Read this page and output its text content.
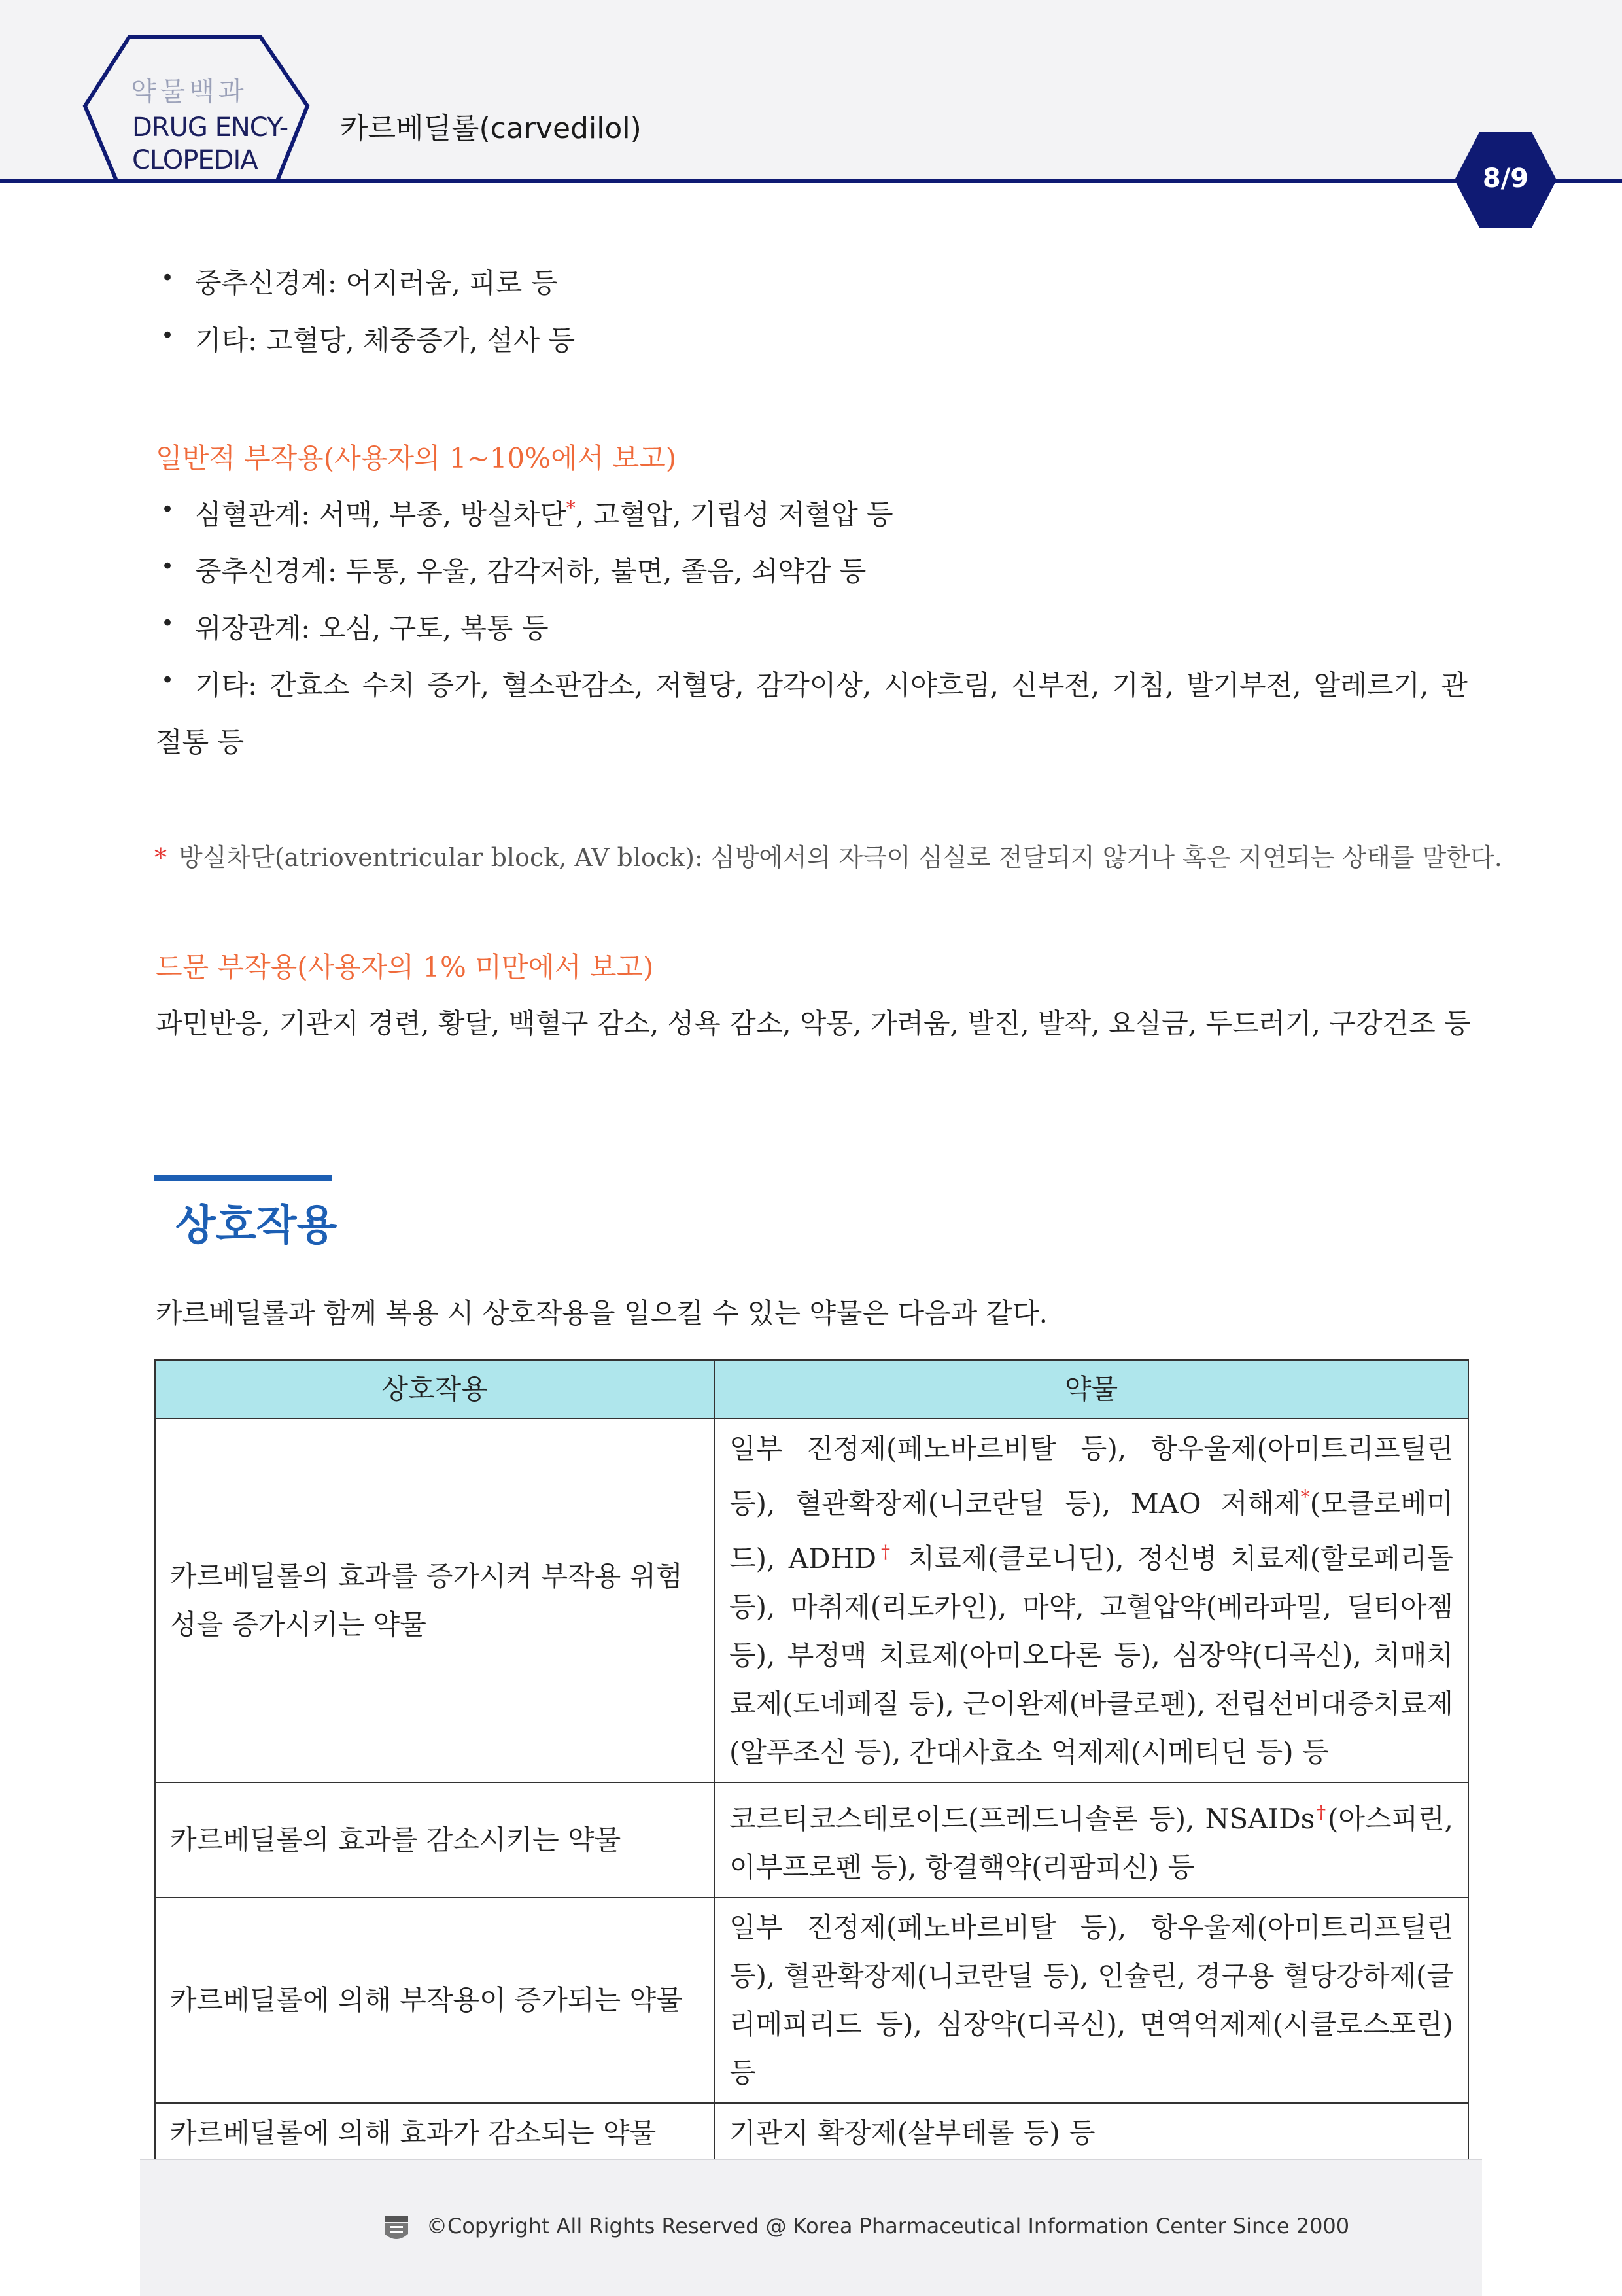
약물백과
DRUG ENCY-
CLOPEDIA
카르베딜롤(carvedilol)
8/9
• 중추신경계: 어지러움, 피로 등
• 기타: 고혈당, 체중증가, 설사 등
일반적 부작용(사용자의 1~10%에서 보고)
• 심혈관계: 서맥, 부종, 방실차단*, 고혈압, 기립성 저혈압 등
• 중추신경계: 두통, 우울, 감각저하, 불면, 졸음, 쇠약감 등
• 위장관계: 오심, 구토, 복통 등
• 기타: 간효소 수치 증가, 혈소판감소, 저혈당, 감각이상, 시야흐림, 신부전, 기침, 발기부전, 알레르기, 관
절통 등
* 방실차단(atrioventricular block, AV block): 심방에서의 자극이 심실로 전달되지 않거나 혹은 지연되는 상태를 말한다.
드문 부작용(사용자의 1% 미만에서 보고)
과민반응, 기관지 경련, 황달, 백혈구 감소, 성욕 감소, 악몽, 가려움, 발진, 발작, 요실금, 두드러기, 구강건조 등
상호작용
카르베딜롤과 함께 복용 시 상호작용을 일으킬 수 있는 약물은 다음과 같다.
상호작용	약물
카르베딜롤의 효과를 증가시켜 부작용 위험성을 증가시키는 약물	일부 진정제(페노바르비탈 등), 항우울제(아미트리프틸린 등), 혈관확장제(니코란딜 등), MAO 저해제*(모클로베미드), ADHD† 치료제(클로니딘), 정신병 치료제(할로페리돌 등), 마취제(리도카인), 마약, 고혈압약(베라파밀, 딜티아젬 등), 부정맥 치료제(아미오다론 등), 심장약(디곡신), 치매치료제(도네페질 등), 근이완제(바클로펜), 전립선비대증치료제(알푸조신 등), 간대사효소 억제제(시메티딘 등) 등
카르베딜롤의 효과를 감소시키는 약물	코르티코스테로이드(프레드니솔론 등), NSAIDs†(아스피린, 이부프로펜 등), 항결핵약(리팜피신) 등
카르베딜롤에 의해 부작용이 증가되는 약물	일부 진정제(페노바르비탈 등), 항우울제(아미트리프틸린 등), 혈관확장제(니코란딜 등), 인슐린, 경구용 혈당강하제(글리메피리드 등), 심장약(디곡신), 면역억제제(시클로스포린) 등
카르베딜롤에 의해 효과가 감소되는 약물	기관지 확장제(살부테롤 등) 등
©Copyright All Rights Reserved @ Korea Pharmaceutical Information Center Since 2000
